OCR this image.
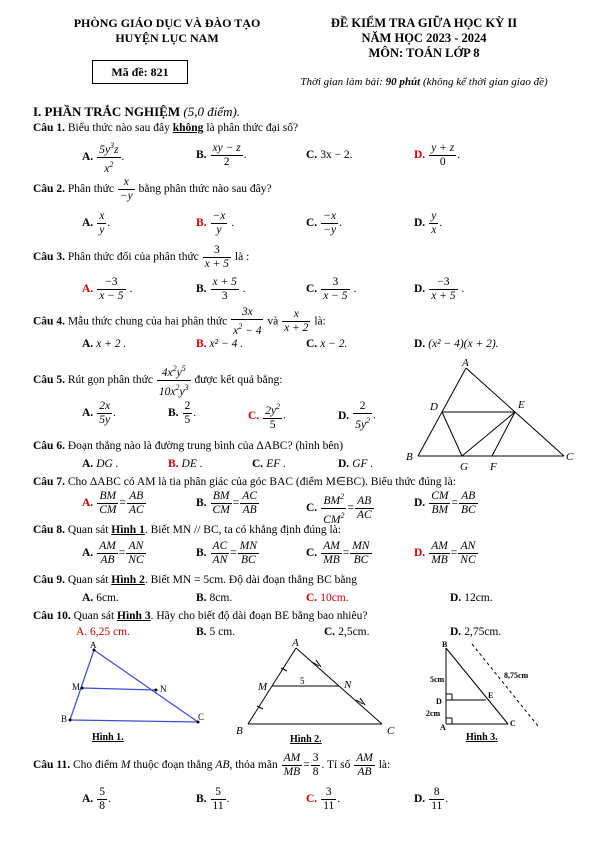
PHÒNG GIÁO DỤC VÀ ĐÀO TẠO
HUYỆN LỤC NAM
Mã đề: 821
ĐỀ KIỂM TRA GIỮA HỌC KỲ II
NĂM HỌC 2023 - 2024
MÔN: TOÁN LỚP 8
Thời gian làm bài: 90 phút (không kể thời gian giao đề)
I. PHẦN TRẮC NGHIỆM (5,0 điểm).
Câu 1. Biểu thức nào sau đây không là phân thức đại số?
A. $\frac{5y^3z}{x^2}$ .	B. $\frac{xy - z}{2}$ .	C. 3x − 2.	D. $\frac{y + z}{0}$ .
Câu 2. Phân thức $\frac{x}{-y}$ bằng phân thức nào sau đây?
A. $\frac{x}{y}$ .	B. $\frac{-x}{y}$ .	C. $\frac{-x}{-y}$ .	D. $\frac{y}{x}$ .
Câu 3. Phân thức đối của phân thức $\frac{3}{x + 5}$ là :
A. $\frac{-3}{x - 5}$ .	B. $\frac{x + 5}{3}$ .	C. $\frac{3}{x - 5}$ .	D. $\frac{-3}{x + 5}$ .
Câu 4. Mẫu thức chung của hai phân thức $\frac{3x}{x^2 - 4}$ và $\frac{x}{x + 2}$ là:
A. x + 2 .	B. x² − 4 .	C. x − 2.	D. (x² − 4)(x + 2).
Câu 5. Rút gọn phân thức $\frac{4x^2y^5}{10x^2y^3}$ được kết quả bằng:
A. $\frac{2x}{5y}$ .	B. $\frac{2}{5}$ .	C. $\frac{2y^2}{5}$ .	D. $\frac{2}{5y^2}$ .
A
D	E
B
G F
C
Câu 6. Đoạn thẳng nào là đường trung bình của ΔABC? (hình bên)
A. DG .	B. DE .	C. EF .	D. GF .
Câu 7. Cho ΔABC có AM là tia phân giác của góc BAC (điểm M∈BC). Biểu thức đúng là:
A. $\frac{BM}{CM} = \frac{AB}{AC}$	B. $\frac{BM}{CM} = \frac{AC}{AB}$	C. $\frac{BM^2}{CM^2} = \frac{AB}{AC}$	D. $\frac{CM}{BM} = \frac{AB}{BC}$
Câu 8. Quan sát Hình 1. Biết MN // BC, ta có khẳng định đúng là:
A. $\frac{AM}{AB} = \frac{AN}{NC}$	B. $\frac{AC}{AN} = \frac{MN}{BC}$	C. $\frac{AM}{MB} = \frac{MN}{BC}$	D. $\frac{AM}{MB} = \frac{AN}{NC}$
Câu 9. Quan sát Hình 2. Biết MN = 5cm. Độ dài đoạn thẳng BC bằng
A. 6cm.	B. 8cm.	C. 10cm.	D. 12cm.
Câu 10. Quan sát Hình 3. Hãy cho biết độ dài đoạn BE bằng bao nhiêu?
A. 6,25 cm.	B. 5 cm.	C. 2,5cm.	D. 2,75cm.
A
M	N
B	C
Hình 1.
A
M	N
5
B	C
Hình 2.
B
5cm	8,75cm
D
E
2cm
A	C
Hình 3.
Câu 11. Cho điểm M thuộc đoạn thẳng AB, thỏa mãn $\frac{AM}{MB} = \frac{3}{8}$ . Tỉ số $\frac{AM}{AB}$ là:
A. $\frac{5}{8}$ .	B. $\frac{5}{11}$ .	C. $\frac{3}{11}$ .	D. $\frac{8}{11}$ .
